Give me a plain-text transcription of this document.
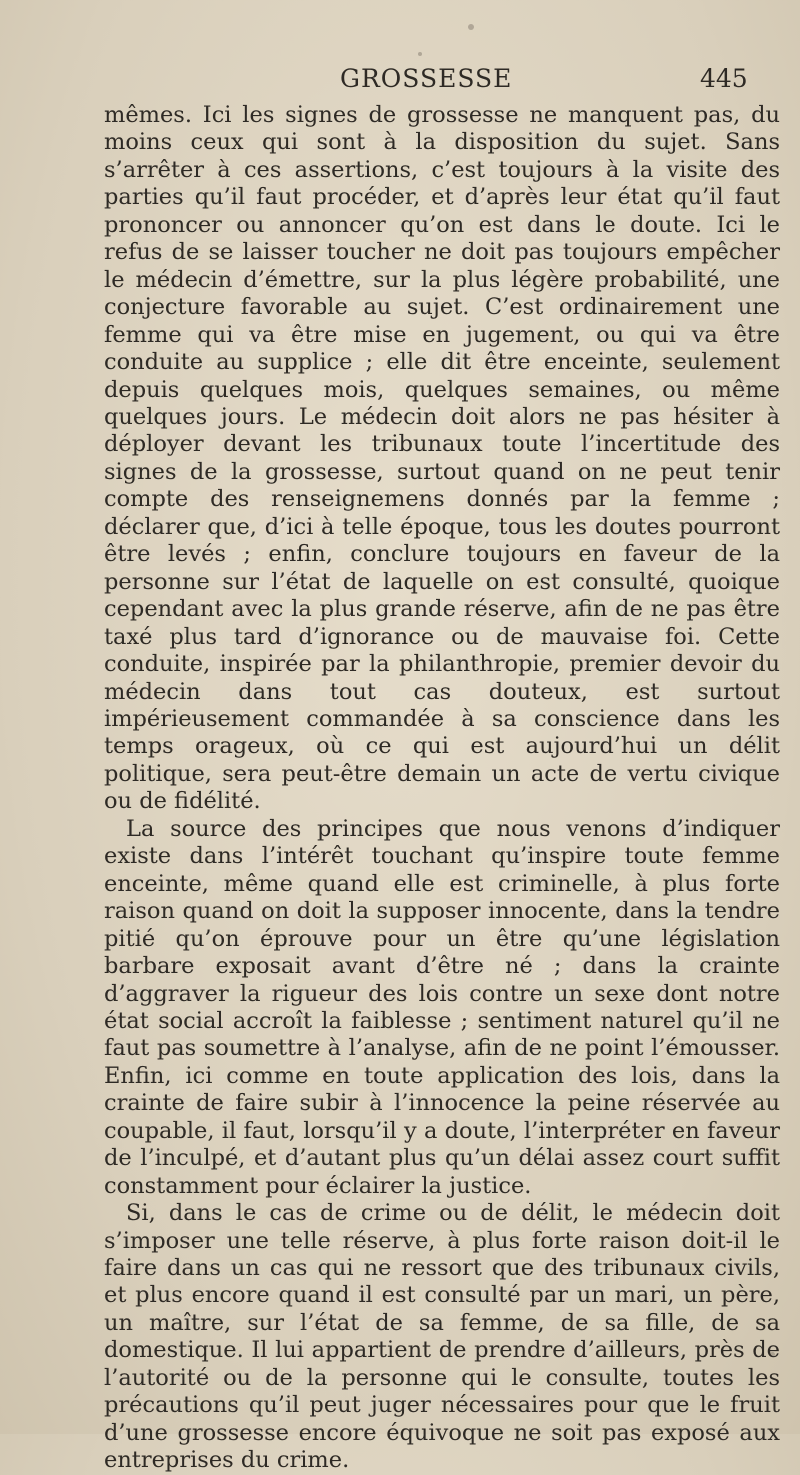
GROSSESSE	445

mêmes. Ici les signes de grossesse ne manquent pas, du moins ceux qui sont à la disposition du sujet. Sans s’arrêter à ces assertions, c’est toujours à la visite des parties qu’il faut procéder, et d’après leur état qu’il faut prononcer ou annoncer qu’on est dans le doute. Ici le refus de se laisser toucher ne doit pas toujours empêcher le médecin d’émettre, sur la plus légère probabilité, une conjecture favorable au sujet. C’est ordinairement une femme qui va être mise en jugement, ou qui va être conduite au supplice ; elle dit être enceinte, seulement depuis quelques mois, quelques semaines, ou même quelques jours. Le médecin doit alors ne pas hésiter à déployer devant les tribunaux toute l’incertitude des signes de la grossesse, surtout quand on ne peut tenir compte des renseignemens donnés par la femme ; déclarer que, d’ici à telle époque, tous les doutes pourront être levés ; enfin, conclure toujours en faveur de la personne sur l’état de laquelle on est consulté, quoique cependant avec la plus grande réserve, afin de ne pas être taxé plus tard d’ignorance ou de mauvaise foi. Cette conduite, inspirée par la philanthropie, premier devoir du médecin dans tout cas douteux, est surtout impérieusement commandée à sa conscience dans les temps orageux, où ce qui est aujourd’hui un délit politique, sera peut-être demain un acte de vertu civique ou de fidélité.

La source des principes que nous venons d’indiquer existe dans l’intérêt touchant qu’inspire toute femme enceinte, même quand elle est criminelle, à plus forte raison quand on doit la supposer innocente, dans la tendre pitié qu’on éprouve pour un être qu’une législation barbare exposait avant d’être né ; dans la crainte d’aggraver la rigueur des lois contre un sexe dont notre état social accroît la faiblesse ; sentiment naturel qu’il ne faut pas soumettre à l’analyse, afin de ne point l’émousser. Enfin, ici comme en toute application des lois, dans la crainte de faire subir à l’innocence la peine réservée au coupable, il faut, lorsqu’il y a doute, l’interpréter en faveur de l’inculpé, et d’autant plus qu’un délai assez court suffit constamment pour éclairer la justice.

Si, dans le cas de crime ou de délit, le médecin doit s’imposer une telle réserve, à plus forte raison doit-il le faire dans un cas qui ne ressort que des tribunaux civils, et plus encore quand il est consulté par un mari, un père, un maître, sur l’état de sa femme, de sa fille, de sa domestique. Il lui appartient de prendre d’ailleurs, près de l’autorité ou de la personne qui le consulte, toutes les précautions qu’il peut juger nécessaires pour que le fruit d’une grossesse encore équivoque ne soit pas exposé aux entreprises du crime.
